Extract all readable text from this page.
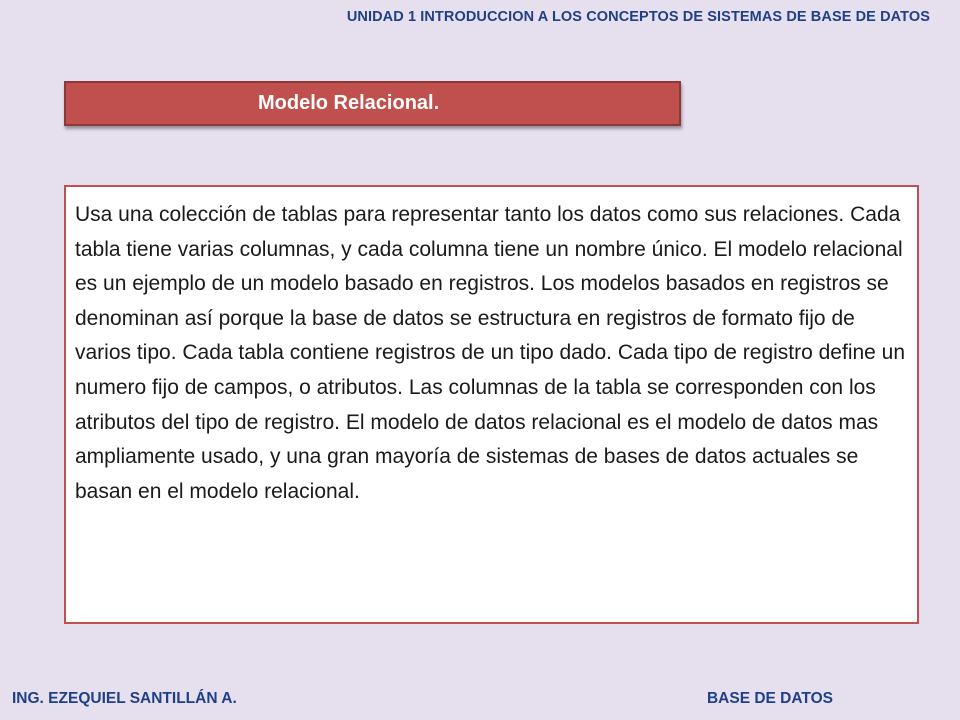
UNIDAD 1 INTRODUCCION A LOS CONCEPTOS DE SISTEMAS DE BASE DE DATOS
Modelo Relacional.

Usa una colección de tablas para representar tanto los datos como sus relaciones. Cada tabla tiene varias columnas, y cada columna tiene un nombre único. El modelo relacional es un ejemplo de un modelo basado en registros. Los modelos basados en registros se denominan así porque la base de datos se estructura en registros de formato fijo de varios tipo. Cada tabla contiene registros de un tipo dado. Cada tipo de registro define un numero fijo de campos, o atributos. Las columnas de la tabla se corresponden con los atributos del tipo de registro. El modelo de datos relacional es el modelo de datos mas ampliamente usado, y una gran mayoría de sistemas de bases de datos actuales se basan en el modelo relacional.

ING. EZEQUIEL SANTILLÁN A.	BASE DE DATOS
